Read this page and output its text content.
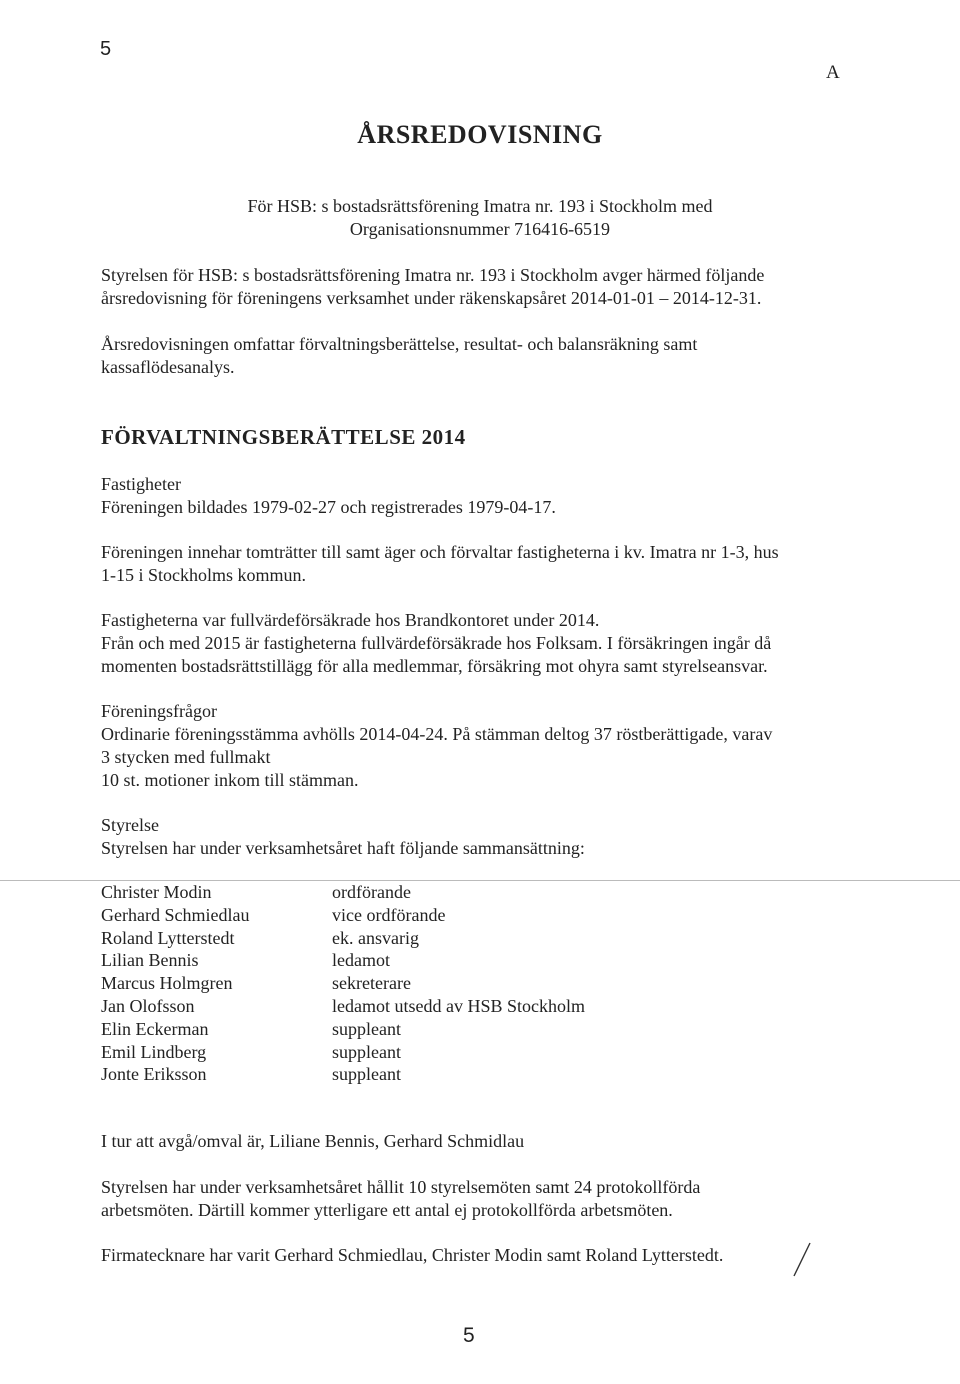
5
A
ÅRSREDOVISNING
För HSB: s bostadsrättsförening Imatra nr. 193 i Stockholm med
Organisationsnummer 716416-6519
Styrelsen för HSB: s bostadsrättsförening Imatra nr. 193 i Stockholm avger härmed följande
årsredovisning för föreningens verksamhet under räkenskapsåret 2014-01-01 – 2014-12-31.
Årsredovisningen omfattar förvaltningsberättelse, resultat- och balansräkning samt
kassaflödesanalys.
FÖRVALTNINGSBERÄTTELSE 2014
Fastigheter
Föreningen bildades 1979-02-27 och registrerades 1979-04-17.
Föreningen innehar tomträtter till samt äger och förvaltar fastigheterna i kv. Imatra nr 1-3, hus
1-15 i Stockholms kommun.
Fastigheterna var fullvärdeförsäkrade hos Brandkontoret under 2014.
Från och med 2015 är fastigheterna fullvärdeförsäkrade hos Folksam. I försäkringen ingår då
momenten bostadsrättstillägg för alla medlemmar, försäkring mot ohyra samt styrelseansvar.
Föreningsfrågor
Ordinarie föreningsstämma avhölls 2014-04-24. På stämman deltog 37 röstberättigade, varav
3 stycken med fullmakt
10 st. motioner inkom till stämman.
Styrelse
Styrelsen har under verksamhetsåret haft följande sammansättning:
Christer Modin	ordförande
Gerhard Schmiedlau	vice ordförande
Roland Lytterstedt	ek. ansvarig
Lilian Bennis	ledamot
Marcus Holmgren	sekreterare
Jan Olofsson	ledamot utsedd av HSB Stockholm
Elin Eckerman	suppleant
Emil Lindberg	suppleant
Jonte Eriksson	suppleant
I tur att avgå/omval är, Liliane Bennis, Gerhard Schmidlau
Styrelsen har under verksamhetsåret hållit 10 styrelsemöten samt 24 protokollförda
arbetsmöten. Därtill kommer ytterligare ett antal ej protokollförda arbetsmöten.
Firmatecknare har varit Gerhard Schmiedlau, Christer Modin samt Roland Lytterstedt.
5
